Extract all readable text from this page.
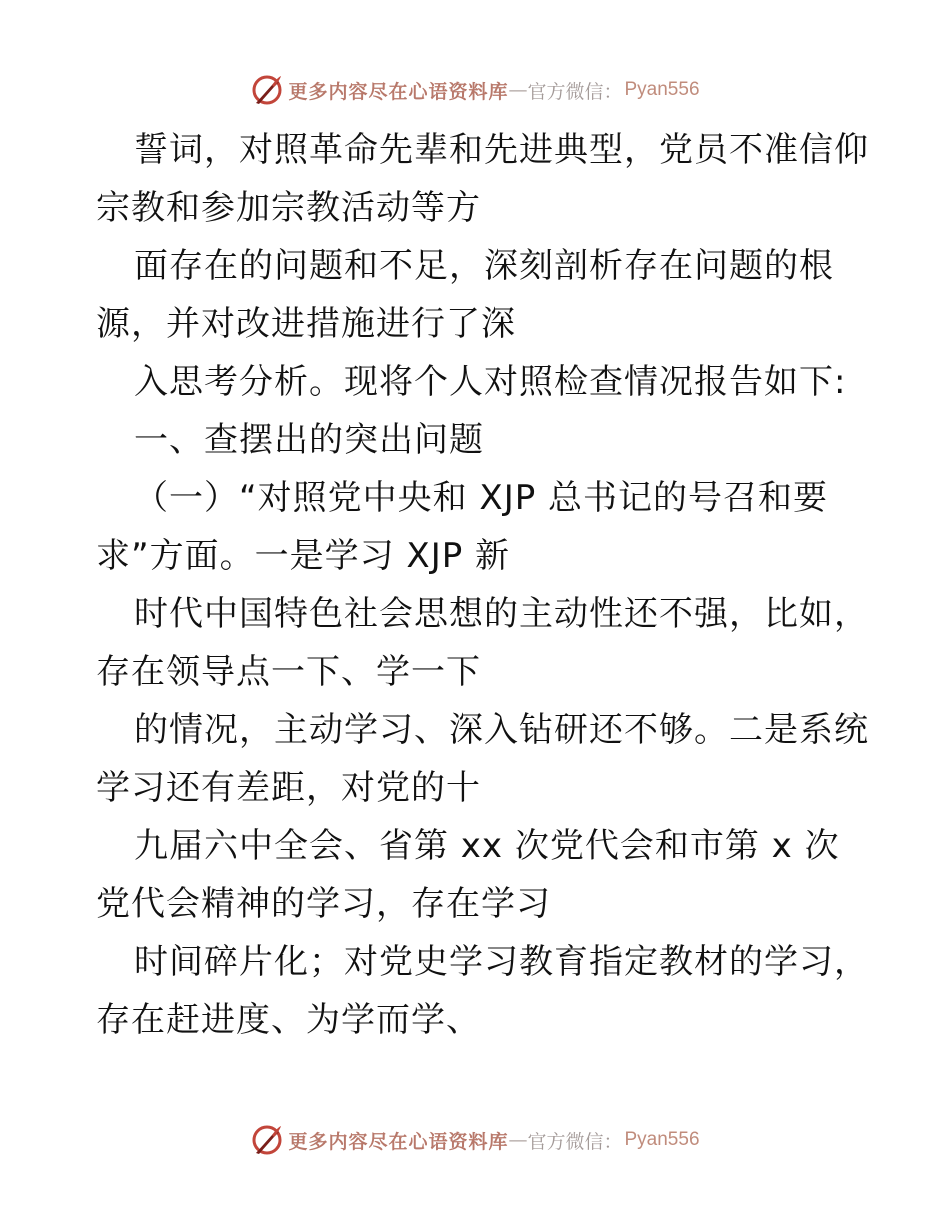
更多内容尽在心语资料库 — 官方微信： Pyan556
誓词，对照革命先辈和先进典型，党员不准信仰
宗教和参加宗教活动等方
面存在的问题和不足，深刻剖析存在问题的根
源，并对改进措施进行了深
入思考分析。现将个人对照检查情况报告如下:
一、查摆出的突出问题
（一）“对照党中央和 XJP 总书记的号召和要
求”方面。一是学习 XJP 新
时代中国特色社会思想的主动性还不强，比如，
存在领导点一下、学一下
的情况，主动学习、深入钻研还不够。二是系统
学习还有差距，对党的十
九届六中全会、省第 xx 次党代会和市第 x 次
党代会精神的学习，存在学习
时间碎片化；对党史学习教育指定教材的学习，
存在赶进度、为学而学、
更多内容尽在心语资料库 — 官方微信： Pyan556
